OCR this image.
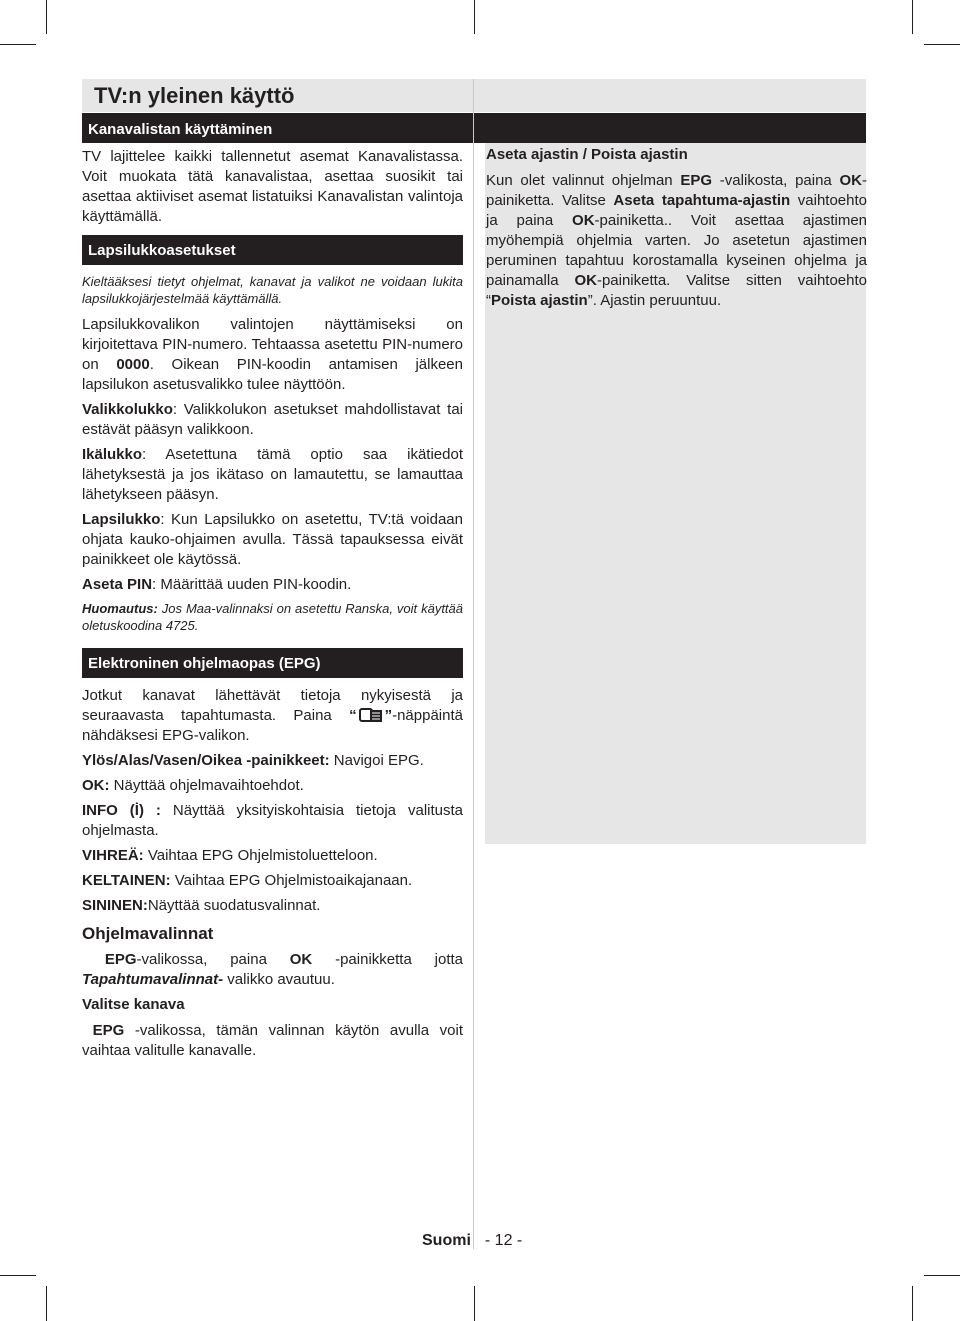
TV:n yleinen käyttö
Kanavalistan käyttäminen

TV lajittelee kaikki tallennetut asemat Kanavalistassa. Voit muokata tätä kanavalistaa, asettaa suosikit tai asettaa aktiiviset asemat listatuiksi Kanavalistan valintoja käyttämällä.

Lapsilukkoasetukset

Kieltääksesi tietyt ohjelmat, kanavat ja valikot ne voidaan lukita lapsilukkojärjestelmää käyttämällä.

Lapsilukkovalikon valintojen näyttämiseksi on kirjoitettava PIN-numero. Tehtaassa asetettu PIN-numero on 0000. Oikean PIN-koodin antamisen jälkeen lapsilukon asetusvalikko tulee näyttöön.

Valikkolukko: Valikkolukon asetukset mahdollistavat tai estävät pääsyn valikkoon.

Ikälukko: Asetettuna tämä optio saa ikätiedot lähetyksestä ja jos ikätaso on lamautettu, se lamauttaa lähetykseen pääsyn.

Lapsilukko: Kun Lapsilukko on asetettu, TV:tä voidaan ohjata kauko-ohjaimen avulla. Tässä tapauksessa eivät painikkeet ole käytössä.

Aseta PIN: Määrittää uuden PIN-koodin.

Huomautus: Jos Maa-valinnaksi on asetettu Ranska, voit käyttää oletuskoodina 4725.

Elektroninen ohjelmaopas (EPG)

Jotkut kanavat lähettävät tietoja nykyisestä ja seuraavasta tapahtumasta. Paina “ ”-näppäintä nähdäksesi EPG-valikon.

Ylös/Alas/Vasen/Oikea -painikkeet: Navigoi EPG.

OK: Näyttää ohjelmavaihtoehdot.

INFO (İ) : Näyttää yksityiskohtaisia tietoja valitusta ohjelmasta.

VIHREÄ: Vaihtaa EPG Ohjelmistoluetteloon.

KELTAINEN: Vaihtaa EPG Ohjelmistoaikajanaan.

SININEN:Näyttää suodatusvalinnat.

Ohjelmavalinnat

EPG-valikossa, paina OK -painikketta jotta Tapahtumavalinnat- valikko avautuu.

Valitse kanava

EPG -valikossa, tämän valinnan käytön avulla voit vaihtaa valitulle kanavalle.

Aseta ajastin / Poista ajastin

Kun olet valinnut ohjelman EPG -valikosta, paina OK-painiketta. Valitse Aseta tapahtuma-ajastin vaihtoehto ja paina OK-painiketta.. Voit asettaa ajastimen myöhempiä ohjelmia varten. Jo asetetun ajastimen peruminen tapahtuu korostamalla kyseinen ohjelma ja painamalla OK-painiketta. Valitse sitten vaihtoehto “Poista ajastin”. Ajastin peruuntuu.

Suomi - 12 -
